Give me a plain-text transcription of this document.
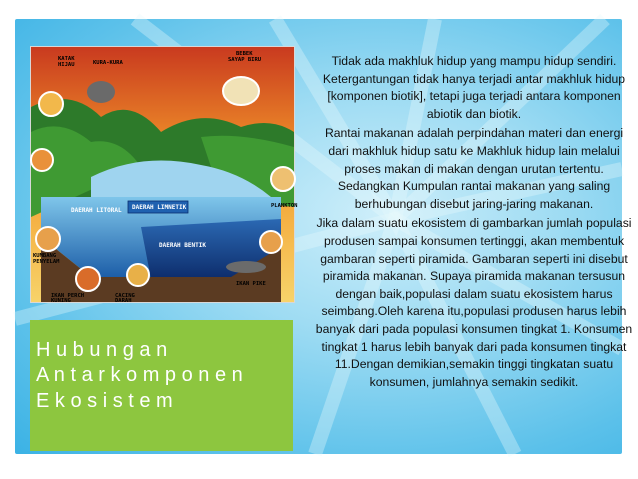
DAERAH LITORAL DAERAH LIMNETIK
DAERAH BENTIK
KATAK
HIJAU	KURA-KURA
BEBEK
SAYAP BIRU
PLANKTON
KUMBANG
PENYELAM
IKAN PERCH
KUNING
CACING
DARAH
IKAN PIKE
H u b u n g a n
A n t a r k o m p o n e n
E k o s i s t e m

Tidak ada makhluk hidup yang mampu hidup sendiri. Ketergantungan tidak hanya terjadi antar makhluk hidup [komponen biotik], tetapi juga terjadi antara komponen abiotik dan biotik.

Rantai makanan adalah perpindahan materi dan energi dari makhluk hidup satu ke Makhluk hidup lain melalui proses makan di makan dengan urutan tertentu. Sedangkan Kumpulan rantai makanan yang saling berhubungan disebut jaring-jaring makanan.

Jika dalam suatu ekosistem di gambarkan jumlah populasi produsen sampai konsumen tertinggi, akan membentuk gambaran seperti piramida. Gambaran seperti ini disebut piramida makanan. Supaya piramida makanan tersusun dengan baik,populasi dalam suatu ekosistem harus seimbang.Oleh karena itu,populasi produsen harus lebih banyak dari pada populasi konsumen tingkat 1. Konsumen tingkat 1 harus lebih banyak dari pada konsumen tingkat 11.Dengan demikian,semakin tinggi tingkatan suatu konsumen, jumlahnya semakin sedikit.
